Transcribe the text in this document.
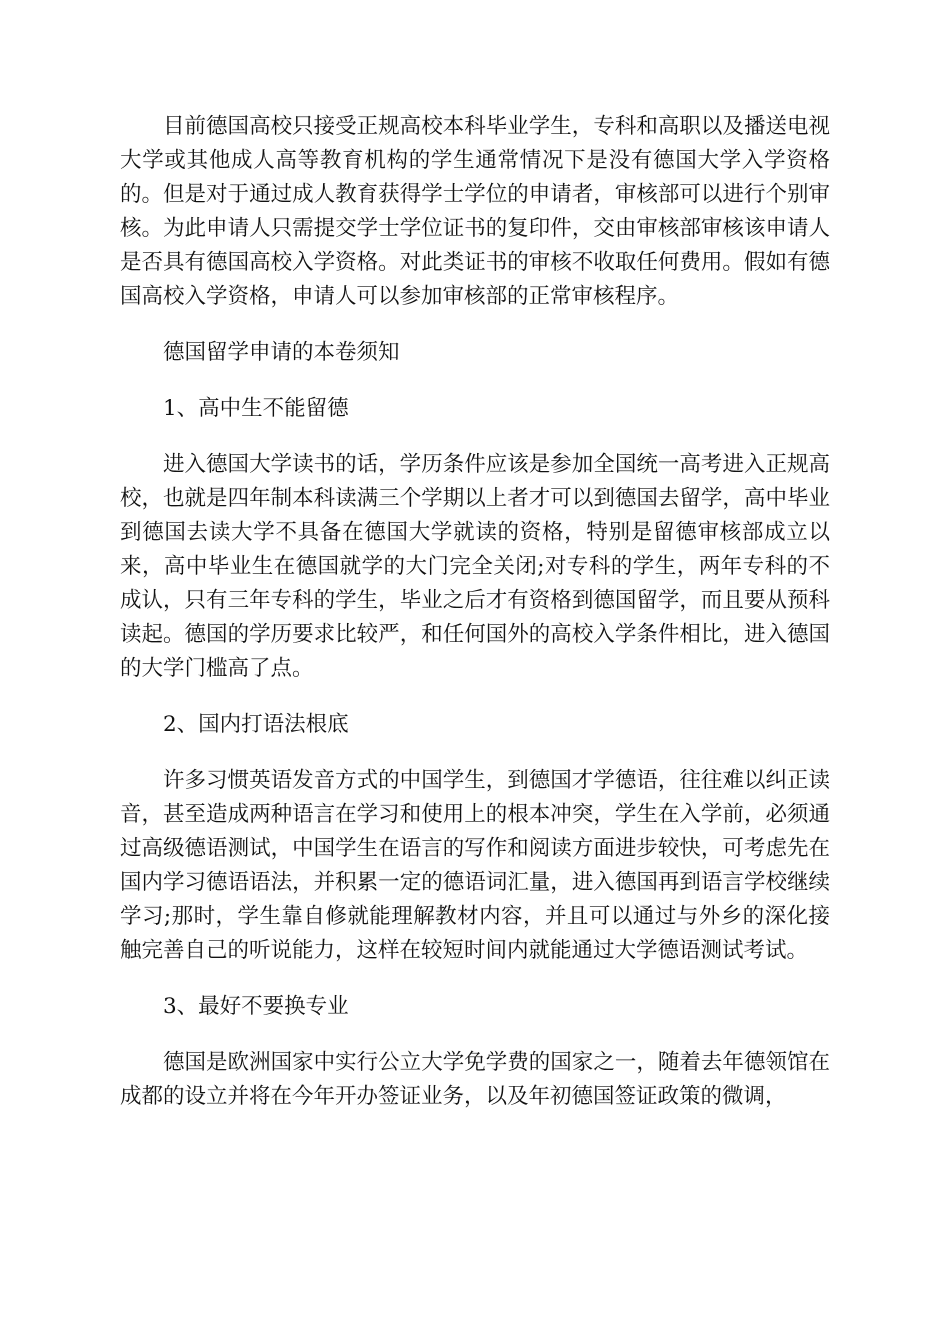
目前德国高校只接受正规高校本科毕业学生，专科和高职以及播送电视大学或其他成人高等教育机构的学生通常情况下是没有德国大学入学资格的。但是对于通过成人教育获得学士学位的申请者，审核部可以进行个别审核。为此申请人只需提交学士学位证书的复印件，交由审核部审核该申请人是否具有德国高校入学资格。对此类证书的审核不收取任何费用。假如有德国高校入学资格，申请人可以参加审核部的正常审核程序。

德国留学申请的本卷须知

1、高中生不能留德

进入德国大学读书的话，学历条件应该是参加全国统一高考进入正规高校，也就是四年制本科读满三个学期以上者才可以到德国去留学，高中毕业到德国去读大学不具备在德国大学就读的资格，特别是留德审核部成立以来，高中毕业生在德国就学的大门完全关闭;对专科的学生，两年专科的不成认，只有三年专科的学生，毕业之后才有资格到德国留学，而且要从预科读起。德国的学历要求比较严，和任何国外的高校入学条件相比，进入德国的大学门槛高了点。

2、国内打语法根底

许多习惯英语发音方式的中国学生，到德国才学德语，往往难以纠正读音，甚至造成两种语言在学习和使用上的根本冲突，学生在入学前，必须通过高级德语测试，中国学生在语言的写作和阅读方面进步较快，可考虑先在国内学习德语语法，并积累一定的德语词汇量，进入德国再到语言学校继续学习;那时，学生靠自修就能理解教材内容，并且可以通过与外乡的深化接触完善自己的听说能力，这样在较短时间内就能通过大学德语测试考试。

3、最好不要换专业

德国是欧洲国家中实行公立大学免学费的国家之一，随着去年德领馆在成都的设立并将在今年开办签证业务，以及年初德国签证政策的微调，
